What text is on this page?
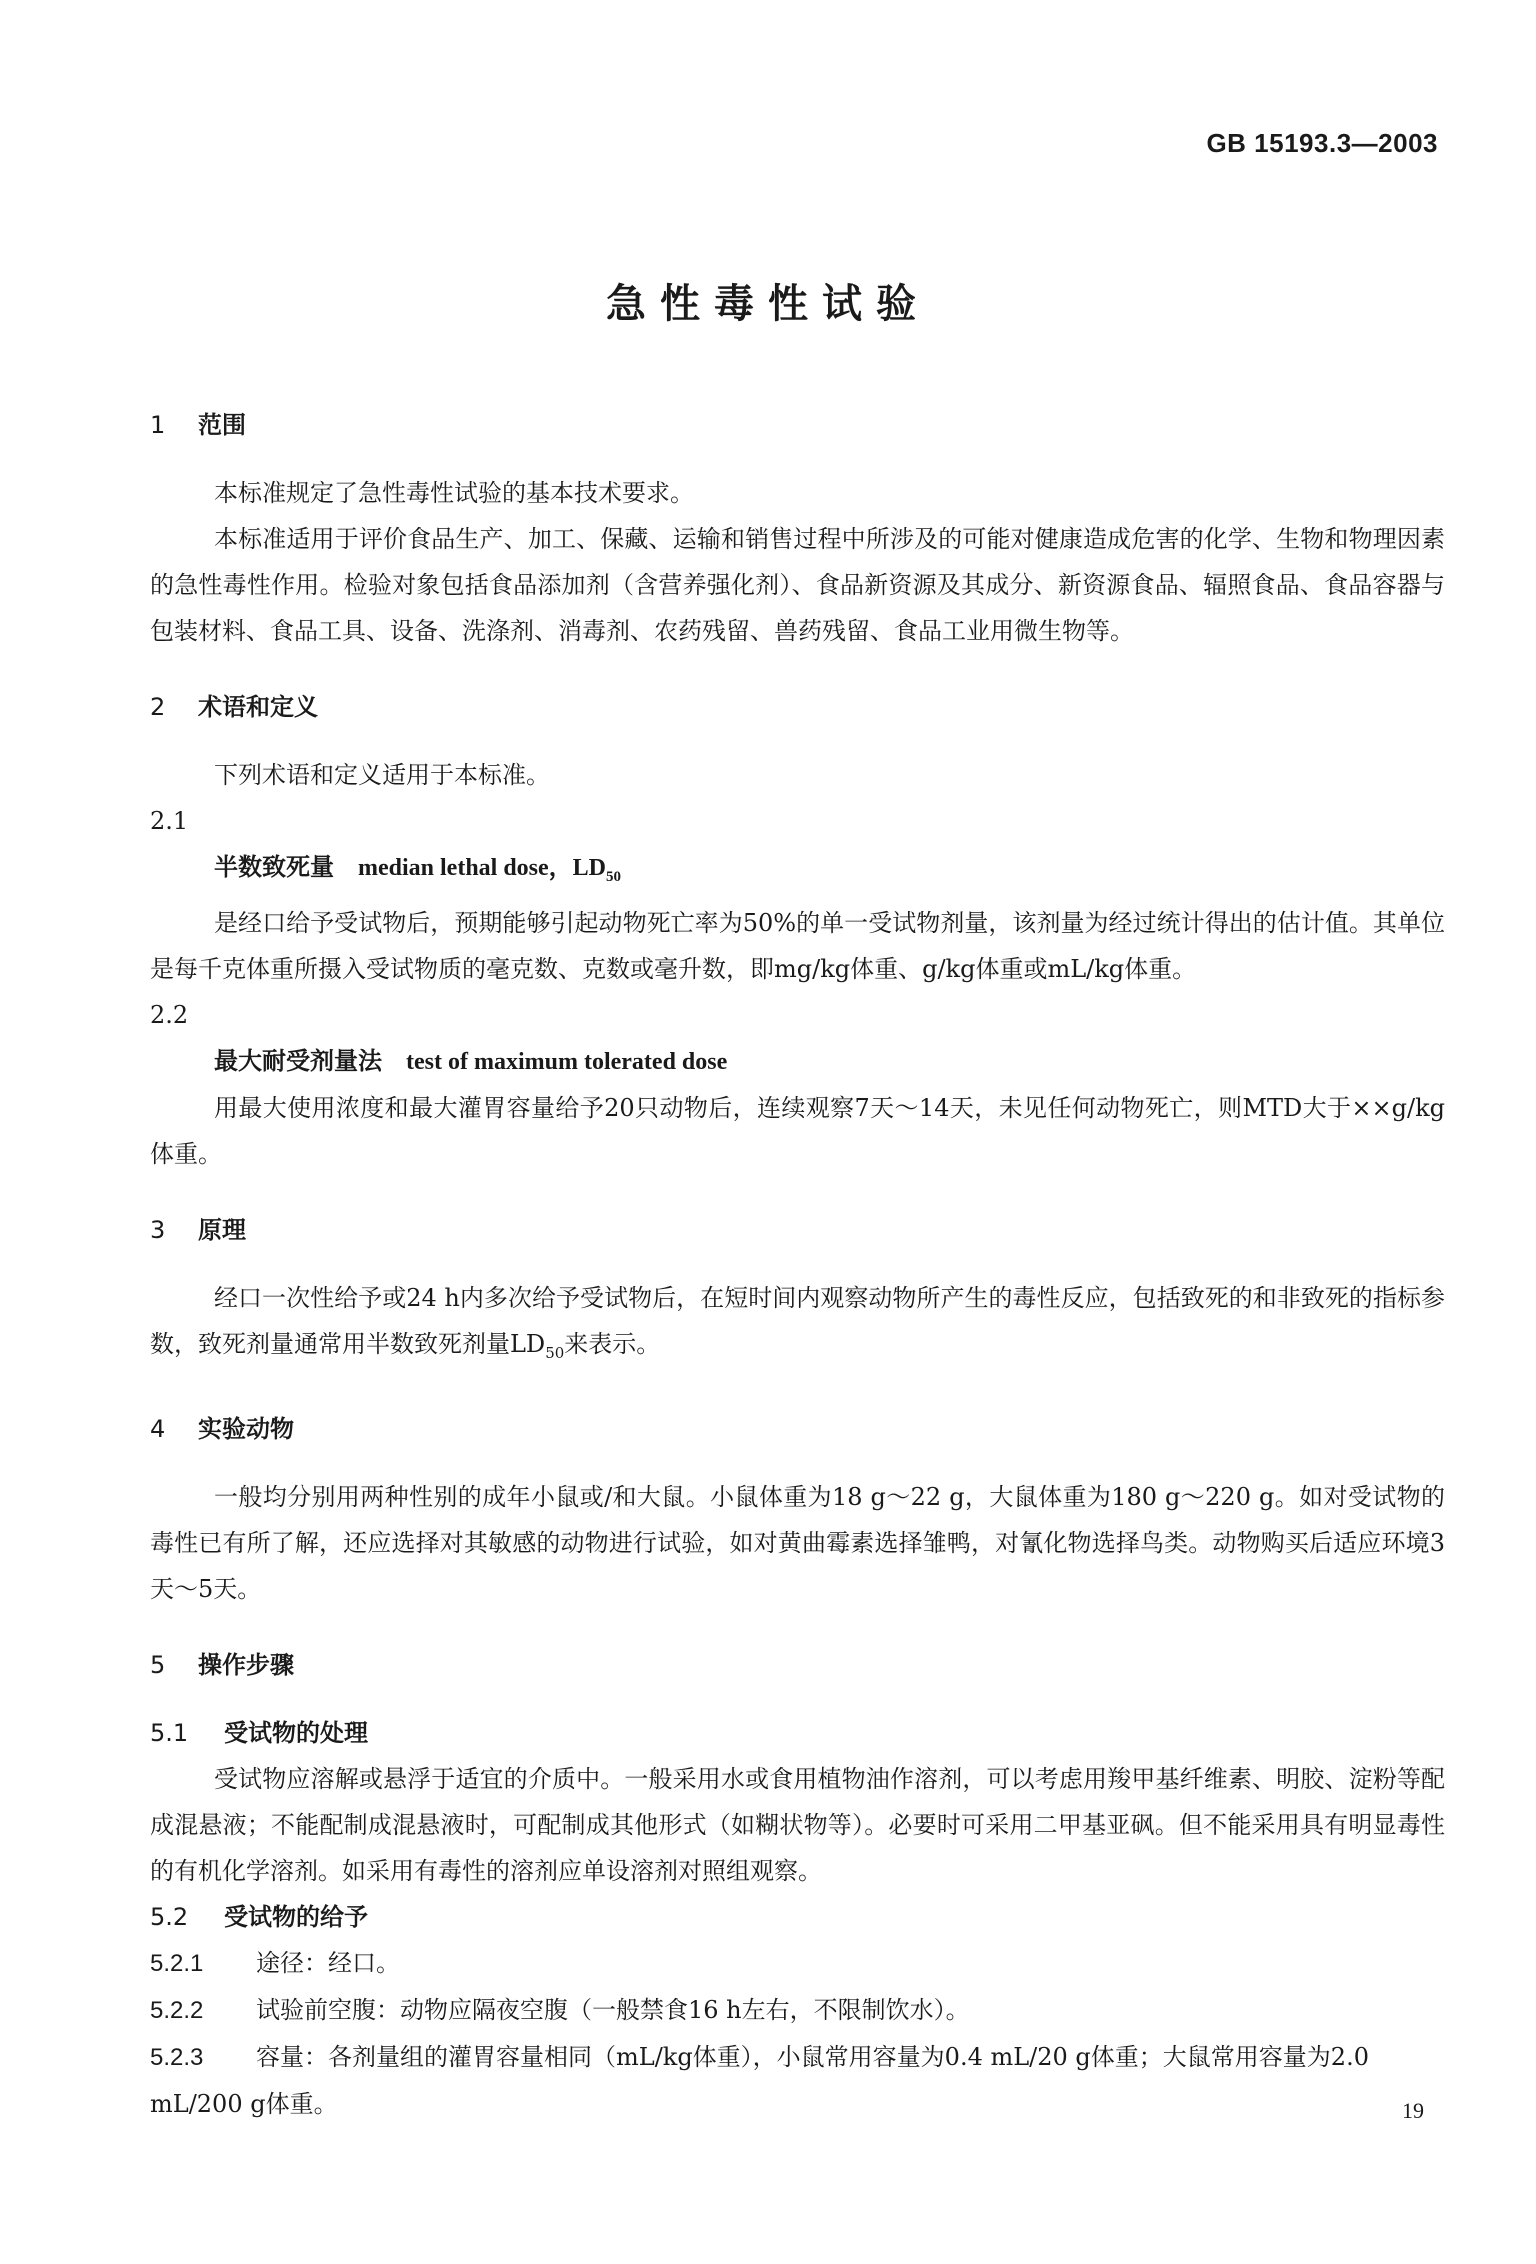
GB 15193.3—2003
急性毒性试验
1 范围
本标准规定了急性毒性试验的基本技术要求。
本标准适用于评价食品生产、加工、保藏、运输和销售过程中所涉及的可能对健康造成危害的化学、生物和物理因素的急性毒性作用。检验对象包括食品添加剂（含营养强化剂）、食品新资源及其成分、新资源食品、辐照食品、食品容器与包装材料、食品工具、设备、洗涤剂、消毒剂、农药残留、兽药残留、食品工业用微生物等。
2 术语和定义
下列术语和定义适用于本标准。
2.1
半数致死量 median lethal dose，$LD_{50}$
是经口给予受试物后，预期能够引起动物死亡率为50%的单一受试物剂量，该剂量为经过统计得出的估计值。其单位是每千克体重所摄入受试物质的毫克数、克数或毫升数，即mg/kg体重、g/kg体重或mL/kg体重。
2.2
最大耐受剂量法 test of maximum tolerated dose
用最大使用浓度和最大灌胃容量给予20只动物后，连续观察7天～14天，未见任何动物死亡，则MTD大于××g/kg体重。
3 原理
经口一次性给予或24 h内多次给予受试物后，在短时间内观察动物所产生的毒性反应，包括致死的和非致死的指标参数，致死剂量通常用半数致死剂量$LD_{50}$来表示。
4 实验动物
一般均分别用两种性别的成年小鼠或/和大鼠。小鼠体重为18 g～22 g，大鼠体重为180 g～220 g。如对受试物的毒性已有所了解，还应选择对其敏感的动物进行试验，如对黄曲霉素选择雏鸭，对氰化物选择鸟类。动物购买后适应环境3天～5天。
5 操作步骤
5.1	受试物的处理
受试物应溶解或悬浮于适宜的介质中。一般采用水或食用植物油作溶剂，可以考虑用羧甲基纤维素、明胶、淀粉等配成混悬液；不能配制成混悬液时，可配制成其他形式（如糊状物等）。必要时可采用二甲基亚砜。但不能采用具有明显毒性的有机化学溶剂。如采用有毒性的溶剂应单设溶剂对照组观察。
5.2	受试物的给予
5.2.1 途径：经口。
5.2.2 试验前空腹：动物应隔夜空腹（一般禁食16 h左右，不限制饮水）。
5.2.3 容量：各剂量组的灌胃容量相同（mL/kg体重），小鼠常用容量为0.4 mL/20 g体重；大鼠常用容量为2.0 mL/200 g体重。	19
